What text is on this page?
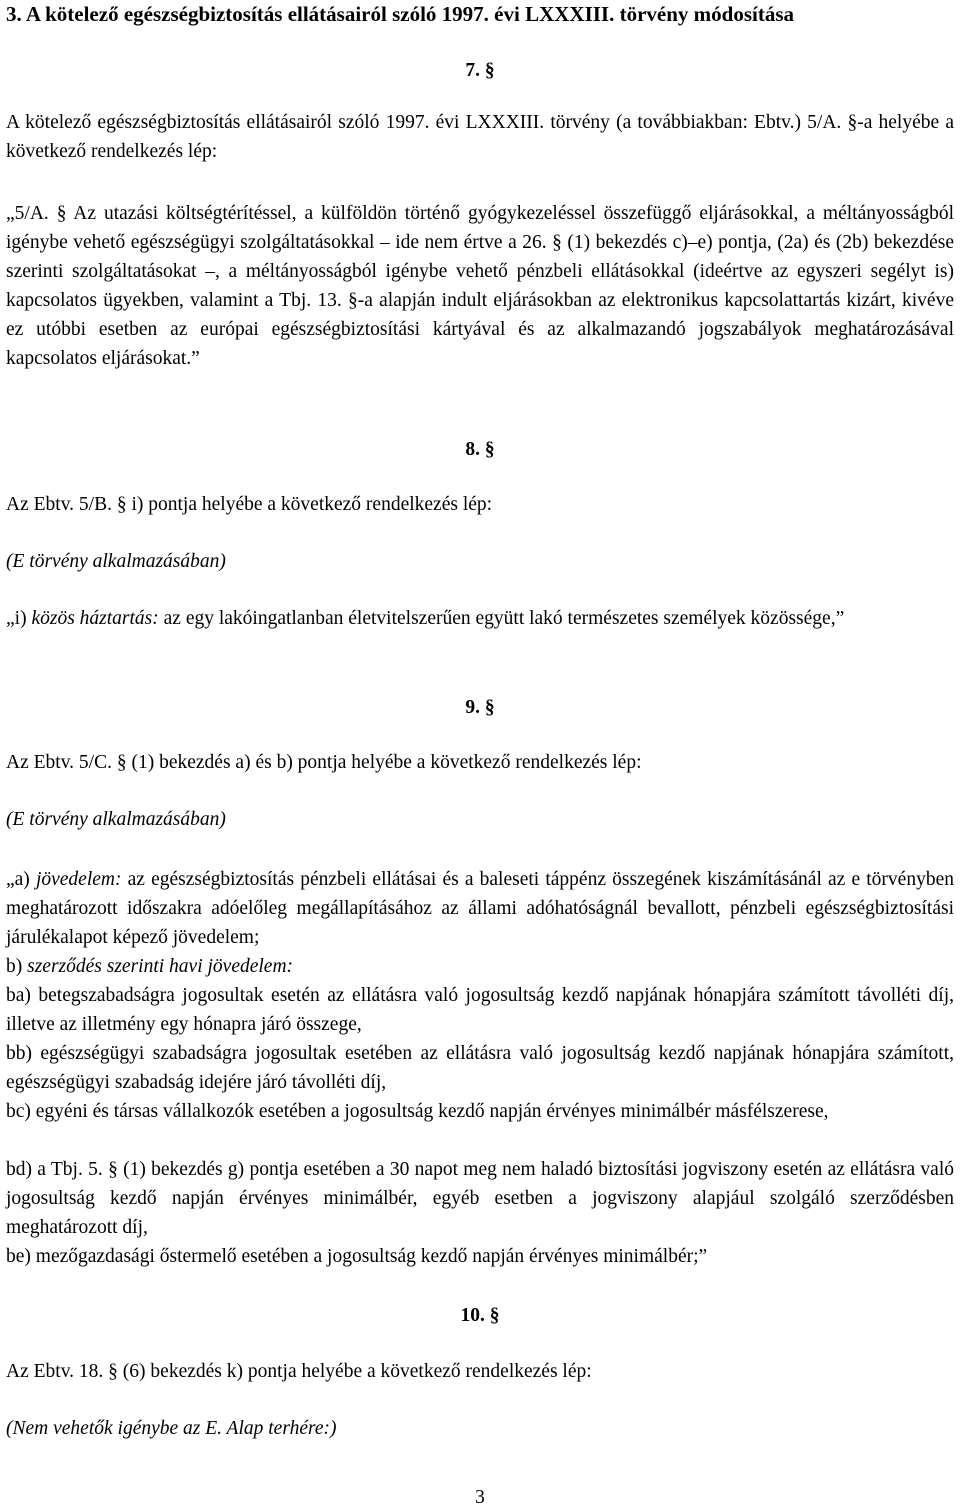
3. A kötelező egészségbiztosítás ellátásairól szóló 1997. évi LXXXIII. törvény módosítása

7. §

A kötelező egészségbiztosítás ellátásairól szóló 1997. évi LXXXIII. törvény (a továbbiakban: Ebtv.) 5/A. §-a helyébe a következő rendelkezés lép:

„5/A. § Az utazási költségtérítéssel, a külföldön történő gyógykezeléssel összefüggő eljárásokkal, a méltányosságból igénybe vehető egészségügyi szolgáltatásokkal – ide nem értve a 26. § (1) bekezdés c)–e) pontja, (2a) és (2b) bekezdése szerinti szolgáltatásokat –, a méltányosságból igénybe vehető pénzbeli ellátásokkal (ideértve az egyszeri segélyt is) kapcsolatos ügyekben, valamint a Tbj. 13. §-a alapján indult eljárásokban az elektronikus kapcsolattartás kizárt, kivéve ez utóbbi esetben az európai egészségbiztosítási kártyával és az alkalmazandó jogszabályok meghatározásával kapcsolatos eljárásokat.”

8. §

Az Ebtv. 5/B. § i) pontja helyébe a következő rendelkezés lép:

(E törvény alkalmazásában)

„i) közös háztartás: az egy lakóingatlanban életvitelszerűen együtt lakó természetes személyek közössége,”

9. §

Az Ebtv. 5/C. § (1) bekezdés a) és b) pontja helyébe a következő rendelkezés lép:

(E törvény alkalmazásában)

„a) jövedelem: az egészségbiztosítás pénzbeli ellátásai és a baleseti táppénz összegének kiszámításánál az e törvényben meghatározott időszakra adóelőleg megállapításához az állami adóhatóságnál bevallott, pénzbeli egészségbiztosítási járulékalapot képező jövedelem;

b) szerződés szerinti havi jövedelem:

ba) betegszabadságra jogosultak esetén az ellátásra való jogosultság kezdő napjának hónapjára számított távolléti díj, illetve az illetmény egy hónapra járó összege,

bb) egészségügyi szabadságra jogosultak esetében az ellátásra való jogosultság kezdő napjának hónapjára számított, egészségügyi szabadság idejére járó távolléti díj,

bc) egyéni és társas vállalkozók esetében a jogosultság kezdő napján érvényes minimálbér másfélszerese,

bd) a Tbj. 5. § (1) bekezdés g) pontja esetében a 30 napot meg nem haladó biztosítási jogviszony esetén az ellátásra való jogosultság kezdő napján érvényes minimálbér, egyéb esetben a jogviszony alapjául szolgáló szerződésben meghatározott díj,

be) mezőgazdasági őstermelő esetében a jogosultság kezdő napján érvényes minimálbér;”

10. §

Az Ebtv. 18. § (6) bekezdés k) pontja helyébe a következő rendelkezés lép:

(Nem vehetők igénybe az E. Alap terhére:)

3
